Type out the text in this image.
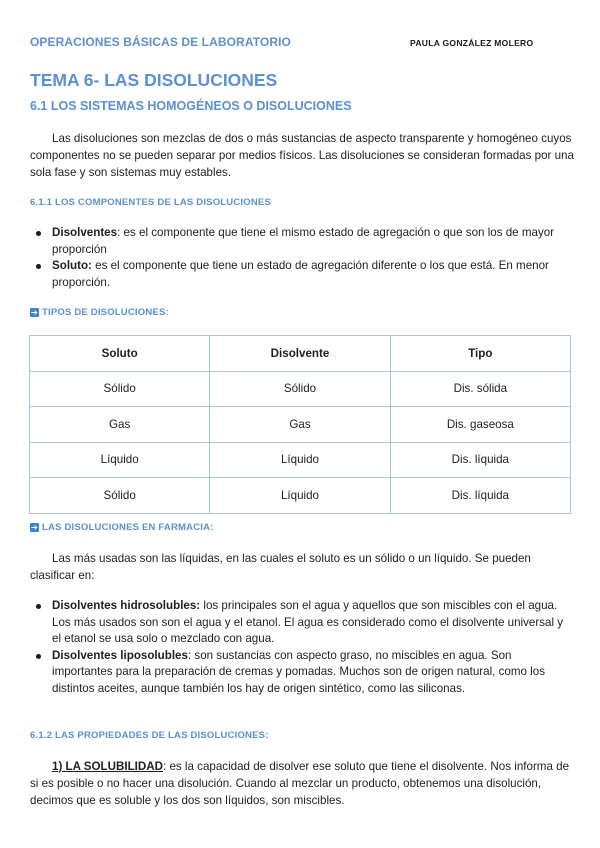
OPERACIONES BÁSICAS DE LABORATORIO	PAULA GONZÁLEZ MOLERO
TEMA 6- LAS DISOLUCIONES
6.1 LOS SISTEMAS HOMOGÉNEOS O DISOLUCIONES

Las disoluciones son mezclas de dos o más sustancias de aspecto transparente y homogéneo cuyos componentes no se pueden separar por medios físicos. Las disoluciones se consideran formadas por una sola fase y son sistemas muy estables.

6.1.1 LOS COMPONENTES DE LAS DISOLUCIONES
Disolventes: es el componente que tiene el mismo estado de agregación o que son los de mayor proporción
Soluto: es el componente que tiene un estado de agregación diferente o los que está. En menor proporción.
➔ TIPOS DE DISOLUCIONES:
Soluto	Disolvente	Tipo
Sólido	Sólido	Dis. sólida
Gas	Gas	Dis. gaseosa
Líquido	Líquido	Dis. líquida
Sólido	Líquido	Dis. líquida
➔ LAS DISOLUCIONES EN FARMACIA:

Las más usadas son las líquidas, en las cuales el soluto es un sólido o un líquido. Se pueden clasificar en:

Disolventes hidrosolubles: los principales son el agua y aquellos que son miscibles con el agua. Los más usados son son el agua y el etanol. El agua es considerado como el disolvente universal y el etanol se usa solo o mezclado con agua.
Disolventes liposolubles: son sustancias con aspecto graso, no miscibles en agua. Son importantes para la preparación de cremas y pomadas. Muchos son de origen natural, como los distintos aceites, aunque también los hay de origen sintético, como las siliconas.
6.1.2 LAS PROPIEDADES DE LAS DISOLUCIONES:

1) LA SOLUBILIDAD: es la capacidad de disolver ese soluto que tiene el disolvente. Nos informa de si es posible o no hacer una disolución. Cuando al mezclar un producto, obtenemos una disolución, decimos que es soluble y los dos son líquidos, son miscibles.
